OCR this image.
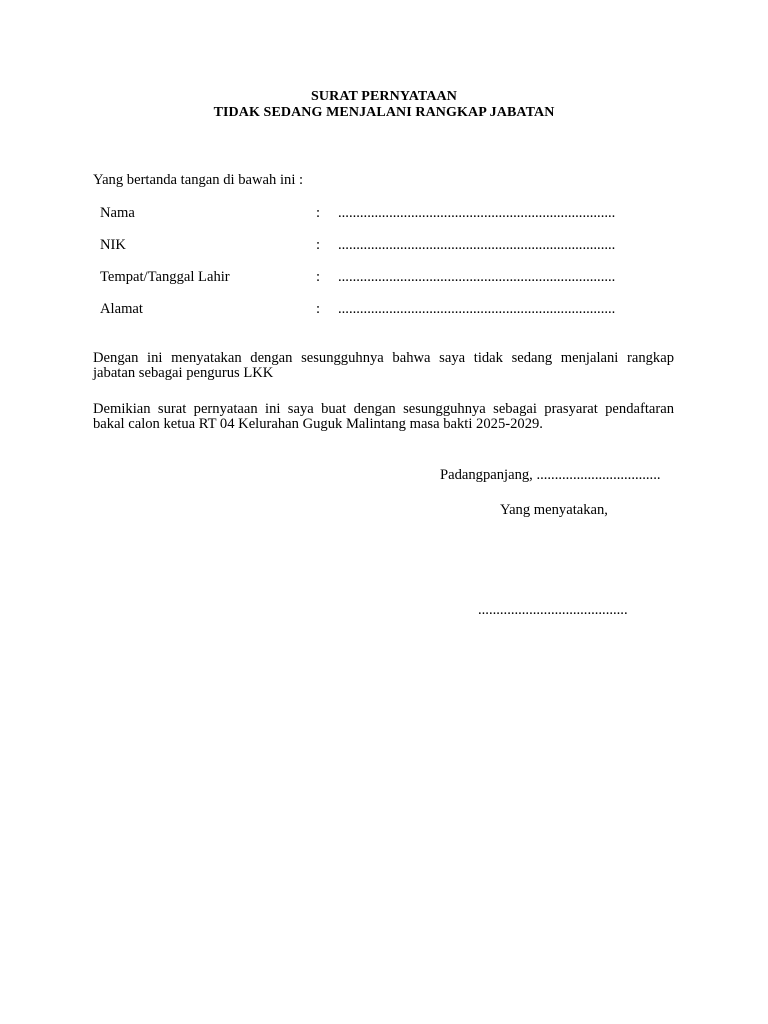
SURAT PERNYATAAN
TIDAK SEDANG MENJALANI RANGKAP JABATAN
Yang bertanda tangan di bawah ini :
Nama	: ............................................................................
NIK	: ............................................................................
Tempat/Tanggal Lahir	: ............................................................................
Alamat	: ............................................................................
Dengan ini menyatakan dengan sesungguhnya bahwa saya tidak sedang menjalani rangkap
jabatan sebagai pengurus LKK
Demikian surat pernyataan ini saya buat dengan sesungguhnya sebagai prasyarat pendaftaran
bakal calon ketua RT 04 Kelurahan Guguk Malintang masa bakti 2025-2029.
Padangpanjang, ..................................
Yang menyatakan,
.........................................
